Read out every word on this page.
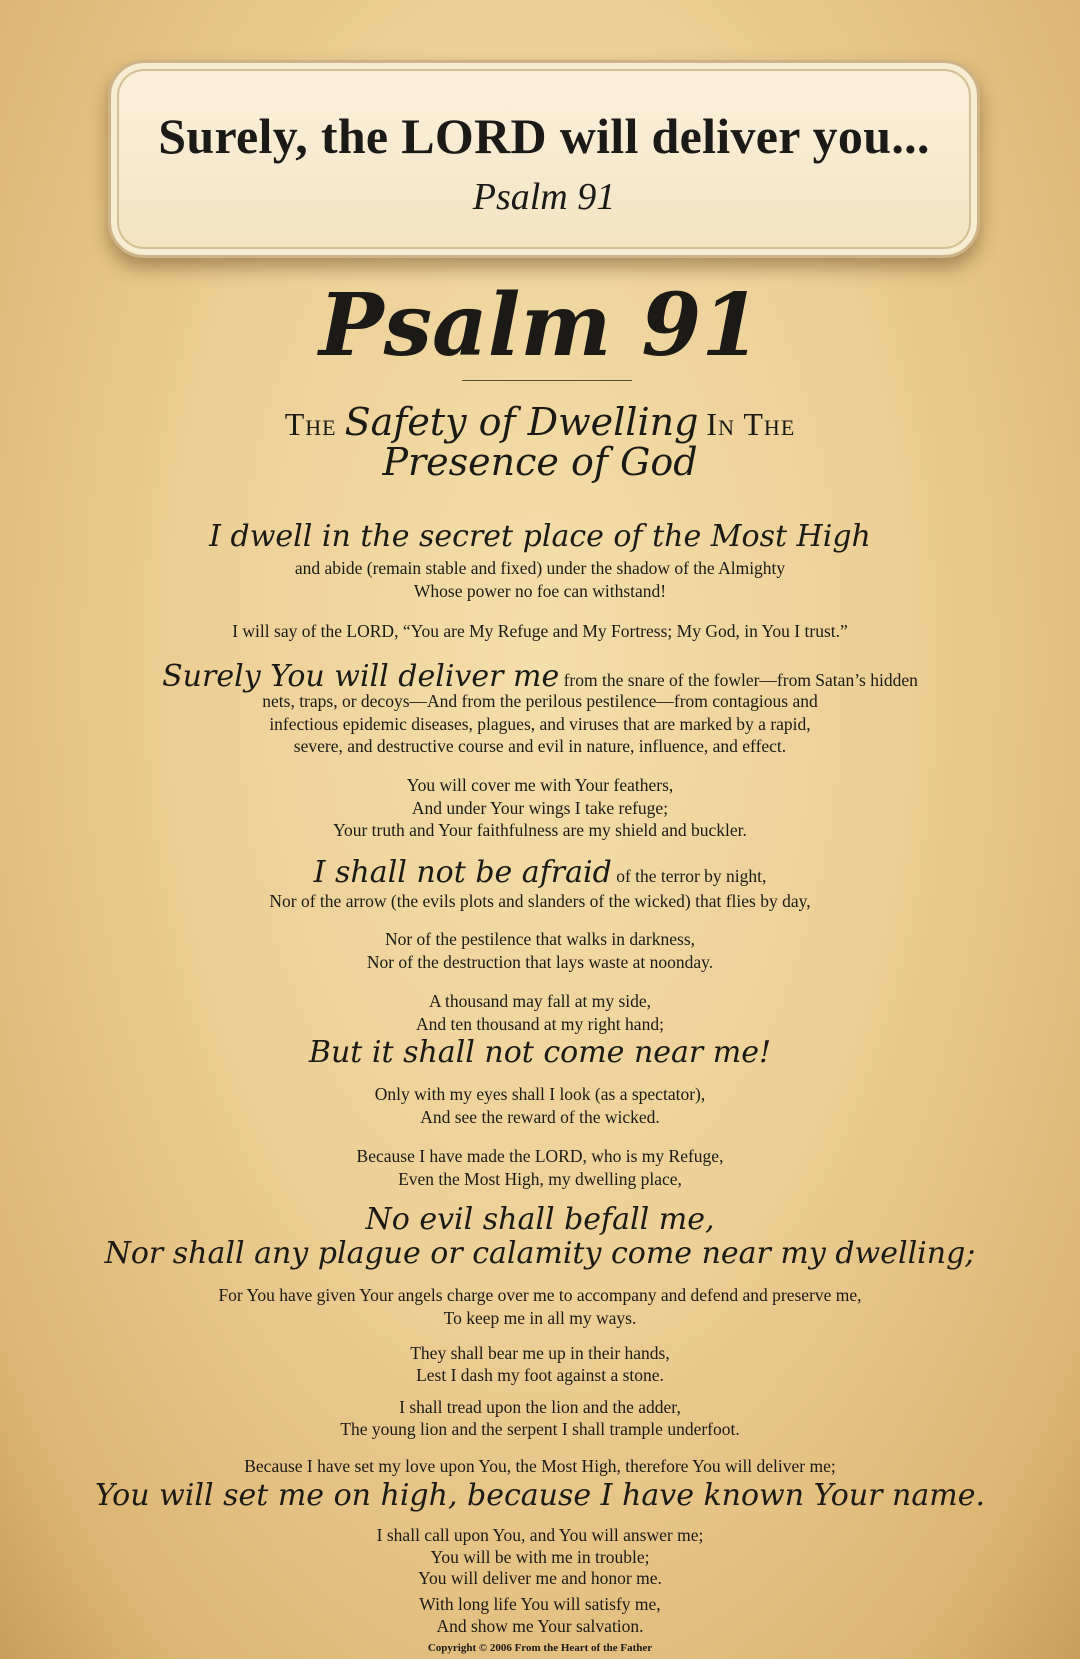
Surely, the LORD will deliver you...
Psalm 91
Psalm 91
The Safety of Dwelling In The
Presence of God
I dwell in the secret place of the Most High
and abide (remain stable and fixed) under the shadow of the Almighty
Whose power no foe can withstand!
I will say of the LORD, “You are My Refuge and My Fortress; My God, in You I trust.”
Surely You will deliver me from the snare of the fowler—from Satan’s hidden
nets, traps, or decoys—And from the perilous pestilence—from contagious and
infectious epidemic diseases, plagues, and viruses that are marked by a rapid,
severe, and destructive course and evil in nature, influence, and effect.
You will cover me with Your feathers,
And under Your wings I take refuge;
Your truth and Your faithfulness are my shield and buckler.
I shall not be afraid of the terror by night,
Nor of the arrow (the evils plots and slanders of the wicked) that flies by day,
Nor of the pestilence that walks in darkness,
Nor of the destruction that lays waste at noonday.
A thousand may fall at my side,
And ten thousand at my right hand;
But it shall not come near me!
Only with my eyes shall I look (as a spectator),
And see the reward of the wicked.
Because I have made the LORD, who is my Refuge,
Even the Most High, my dwelling place,
No evil shall befall me,
Nor shall any plague or calamity come near my dwelling;
For You have given Your angels charge over me to accompany and defend and preserve me,
To keep me in all my ways.
They shall bear me up in their hands,
Lest I dash my foot against a stone.
I shall tread upon the lion and the adder,
The young lion and the serpent I shall trample underfoot.
Because I have set my love upon You, the Most High, therefore You will deliver me;
You will set me on high, because I have known Your name.
I shall call upon You, and You will answer me;
You will be with me in trouble;
You will deliver me and honor me.
With long life You will satisfy me,
And show me Your salvation.
Copyright © 2006 From the Heart of the Father
